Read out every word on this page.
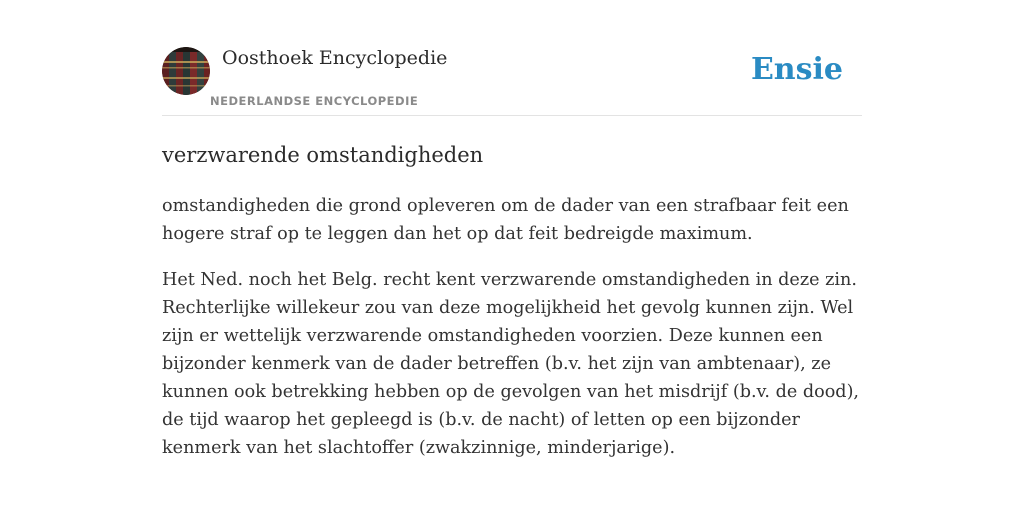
Oosthoek Encyclopedie
NEDERLANDSE ENCYCLOPEDIE
Ensie
verzwarende omstandigheden

omstandigheden die grond opleveren om de dader van een strafbaar feit een hogere straf op te leggen dan het op dat feit bedreigde maximum.

Het Ned. noch het Belg. recht kent verzwarende omstandigheden in deze zin. Rechterlijke willekeur zou van deze mogelijkheid het gevolg kunnen zijn. Wel zijn er wettelijk verzwarende omstandigheden voorzien. Deze kunnen een bijzonder kenmerk van de dader betreffen (b.v. het zijn van ambtenaar), ze kunnen ook betrekking hebben op de gevolgen van het misdrijf (b.v. de dood), de tijd waarop het gepleegd is (b.v. de nacht) of letten op een bijzonder kenmerk van het slachtoffer (zwakzinnige, minderjarige).
